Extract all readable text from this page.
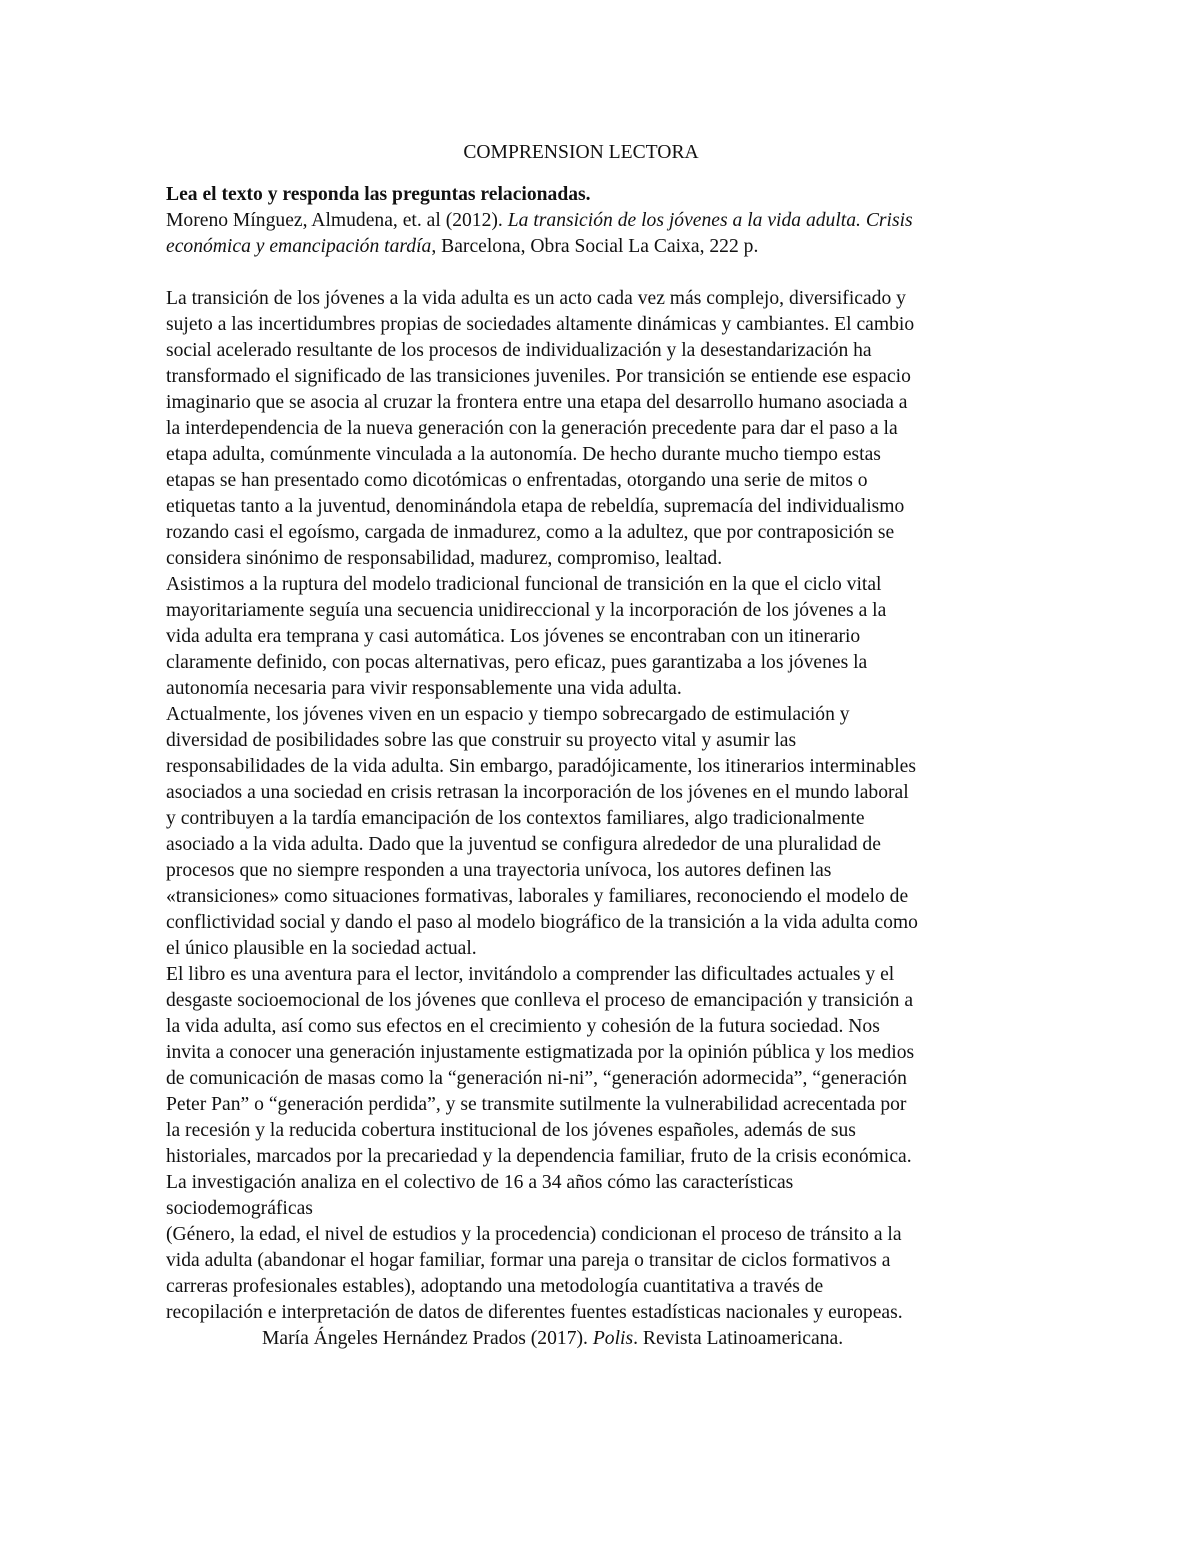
COMPRENSION LECTORA

Lea el texto y responda las preguntas relacionadas.

Moreno Mínguez, Almudena, et. al (2012). La transición de los jóvenes a la vida adulta. Crisis
económica y emancipación tardía, Barcelona, Obra Social La Caixa, 222 p.

La transición de los jóvenes a la vida adulta es un acto cada vez más complejo, diversificado y
sujeto a las incertidumbres propias de sociedades altamente dinámicas y cambiantes. El cambio
social acelerado resultante de los procesos de individualización y la desestandarización ha
transformado el significado de las transiciones juveniles. Por transición se entiende ese espacio
imaginario que se asocia al cruzar la frontera entre una etapa del desarrollo humano asociada a
la interdependencia de la nueva generación con la generación precedente para dar el paso a la
etapa adulta, comúnmente vinculada a la autonomía. De hecho durante mucho tiempo estas
etapas se han presentado como dicotómicas o enfrentadas, otorgando una serie de mitos o
etiquetas tanto a la juventud, denominándola etapa de rebeldía, supremacía del individualismo
rozando casi el egoísmo, cargada de inmadurez, como a la adultez, que por contraposición se
considera sinónimo de responsabilidad, madurez, compromiso, lealtad.

Asistimos a la ruptura del modelo tradicional funcional de transición en la que el ciclo vital
mayoritariamente seguía una secuencia unidireccional y la incorporación de los jóvenes a la
vida adulta era temprana y casi automática. Los jóvenes se encontraban con un itinerario
claramente definido, con pocas alternativas, pero eficaz, pues garantizaba a los jóvenes la
autonomía necesaria para vivir responsablemente una vida adulta.

Actualmente, los jóvenes viven en un espacio y tiempo sobrecargado de estimulación y
diversidad de posibilidades sobre las que construir su proyecto vital y asumir las
responsabilidades de la vida adulta. Sin embargo, paradójicamente, los itinerarios interminables
asociados a una sociedad en crisis retrasan la incorporación de los jóvenes en el mundo laboral
y contribuyen a la tardía emancipación de los contextos familiares, algo tradicionalmente
asociado a la vida adulta. Dado que la juventud se configura alrededor de una pluralidad de
procesos que no siempre responden a una trayectoria unívoca, los autores definen las
«transiciones» como situaciones formativas, laborales y familiares, reconociendo el modelo de
conflictividad social y dando el paso al modelo biográfico de la transición a la vida adulta como
el único plausible en la sociedad actual.

El libro es una aventura para el lector, invitándolo a comprender las dificultades actuales y el
desgaste socioemocional de los jóvenes que conlleva el proceso de emancipación y transición a
la vida adulta, así como sus efectos en el crecimiento y cohesión de la futura sociedad. Nos
invita a conocer una generación injustamente estigmatizada por la opinión pública y los medios
de comunicación de masas como la “generación ni-ni”, “generación adormecida”, “generación
Peter Pan” o “generación perdida”, y se transmite sutilmente la vulnerabilidad acrecentada por
la recesión y la reducida cobertura institucional de los jóvenes españoles, además de sus
historiales, marcados por la precariedad y la dependencia familiar, fruto de la crisis económica.

La investigación analiza en el colectivo de 16 a 34 años cómo las características
sociodemográficas
(Género, la edad, el nivel de estudios y la procedencia) condicionan el proceso de tránsito a la
vida adulta (abandonar el hogar familiar, formar una pareja o transitar de ciclos formativos a
carreras profesionales estables), adoptando una metodología cuantitativa a través de
recopilación e interpretación de datos de diferentes fuentes estadísticas nacionales y europeas.

María Ángeles Hernández Prados (2017). Polis. Revista Latinoamericana.
